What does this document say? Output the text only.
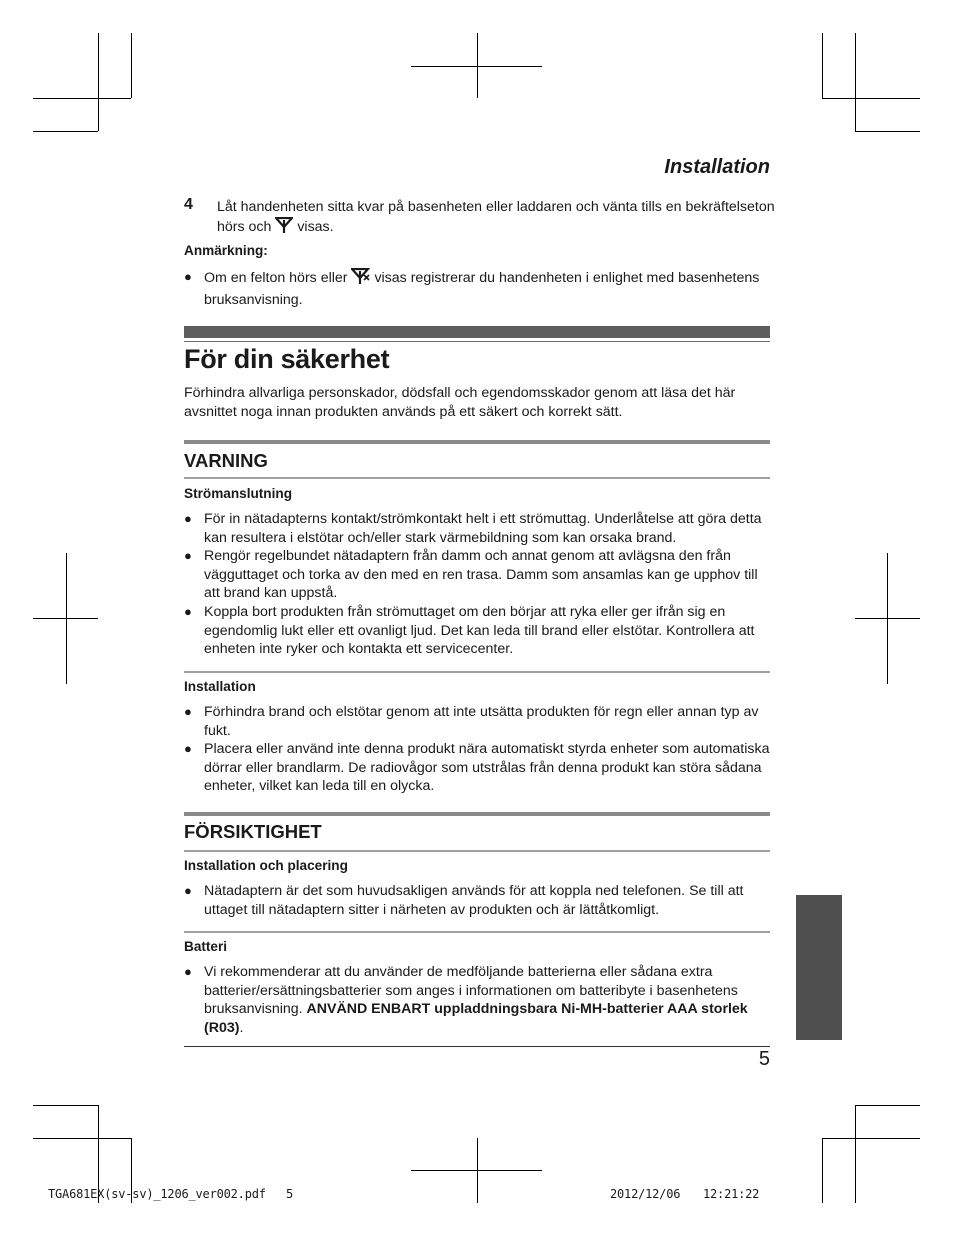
Installation
4 Låt handenheten sitta kvar på basenheten eller laddaren och vänta tills en bekräftelseton hörs och visas.
Anmärkning:
● Om en felton hörs eller visas registrerar du handenheten i enlighet med basenhetens bruksanvisning.
För din säkerhet
Förhindra allvarliga personskador, dödsfall och egendomsskador genom att läsa det här avsnittet noga innan produkten används på ett säkert och korrekt sätt.
VARNING
Strömanslutning
● För in nätadapterns kontakt/strömkontakt helt i ett strömuttag. Underlåtelse att göra detta kan resultera i elstötar och/eller stark värmebildning som kan orsaka brand.
● Rengör regelbundet nätadaptern från damm och annat genom att avlägsna den från vägguttaget och torka av den med en ren trasa. Damm som ansamlas kan ge upphov till att brand kan uppstå.
● Koppla bort produkten från strömuttaget om den börjar att ryka eller ger ifrån sig en egendomlig lukt eller ett ovanligt ljud. Det kan leda till brand eller elstötar. Kontrollera att enheten inte ryker och kontakta ett servicecenter.
Installation
● Förhindra brand och elstötar genom att inte utsätta produkten för regn eller annan typ av fukt.
● Placera eller använd inte denna produkt nära automatiskt styrda enheter som automatiska dörrar eller brandlarm. De radiovågor som utstrålas från denna produkt kan störa sådana enheter, vilket kan leda till en olycka.
FÖRSIKTIGHET
Installation och placering
● Nätadaptern är det som huvudsakligen används för att koppla ned telefonen. Se till att uttaget till nätadaptern sitter i närheten av produkten och är lättåtkomligt.
Batteri
● Vi rekommenderar att du använder de medföljande batterierna eller sådana extra batterier/ersättningsbatterier som anges i informationen om batteribyte i basenhetens bruksanvisning. ANVÄND ENBART uppladdningsbara Ni-MH-batterier AAA storlek (R03).
5
TGA681EX(sv-sv)_1206_ver002.pdf 5	2012/12/06 12:21:22
